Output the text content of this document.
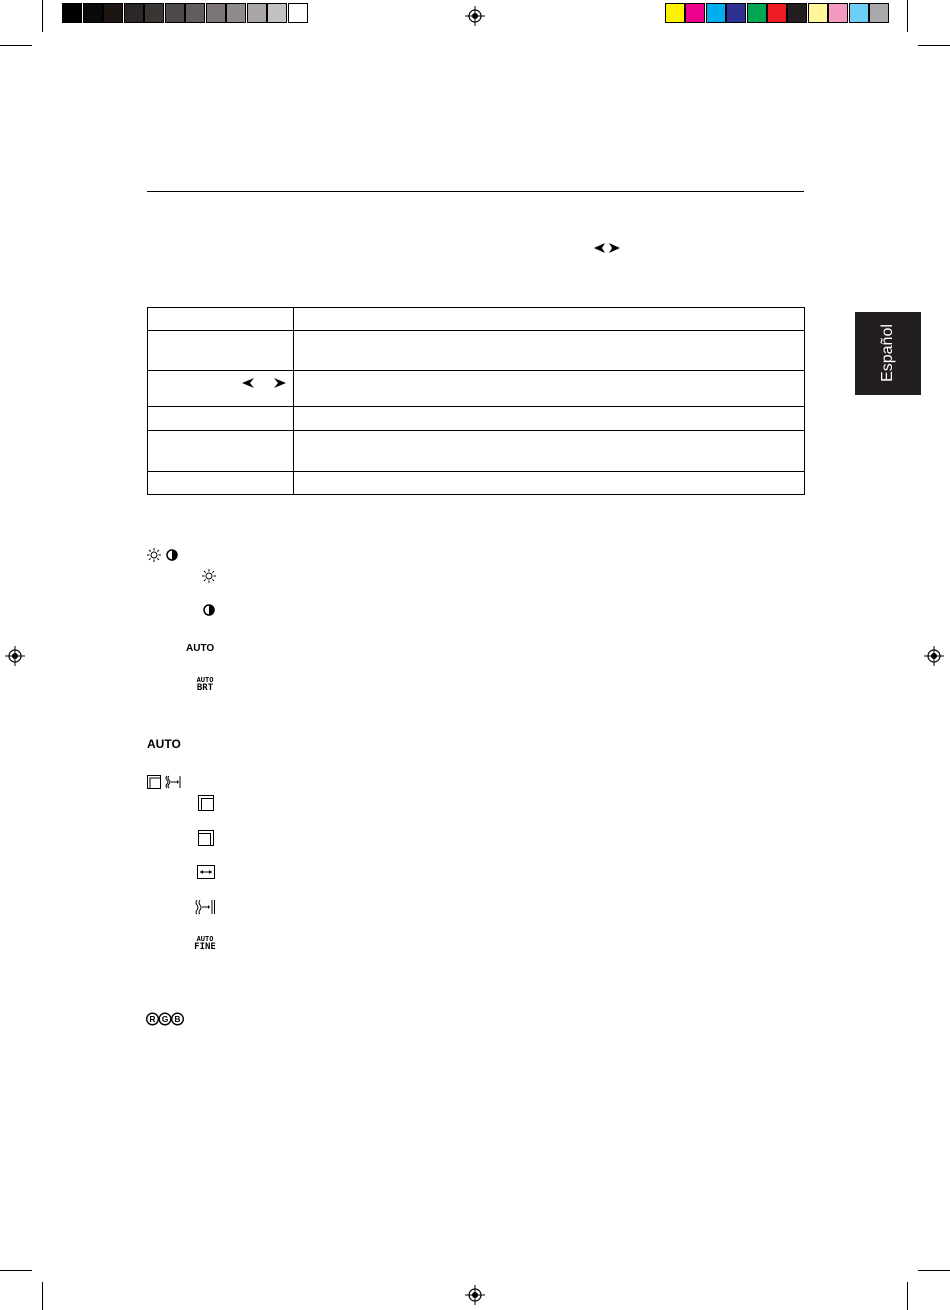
Español
AUTO
AUTO
BRT
AUTO
AUTO
FINE
R G B
